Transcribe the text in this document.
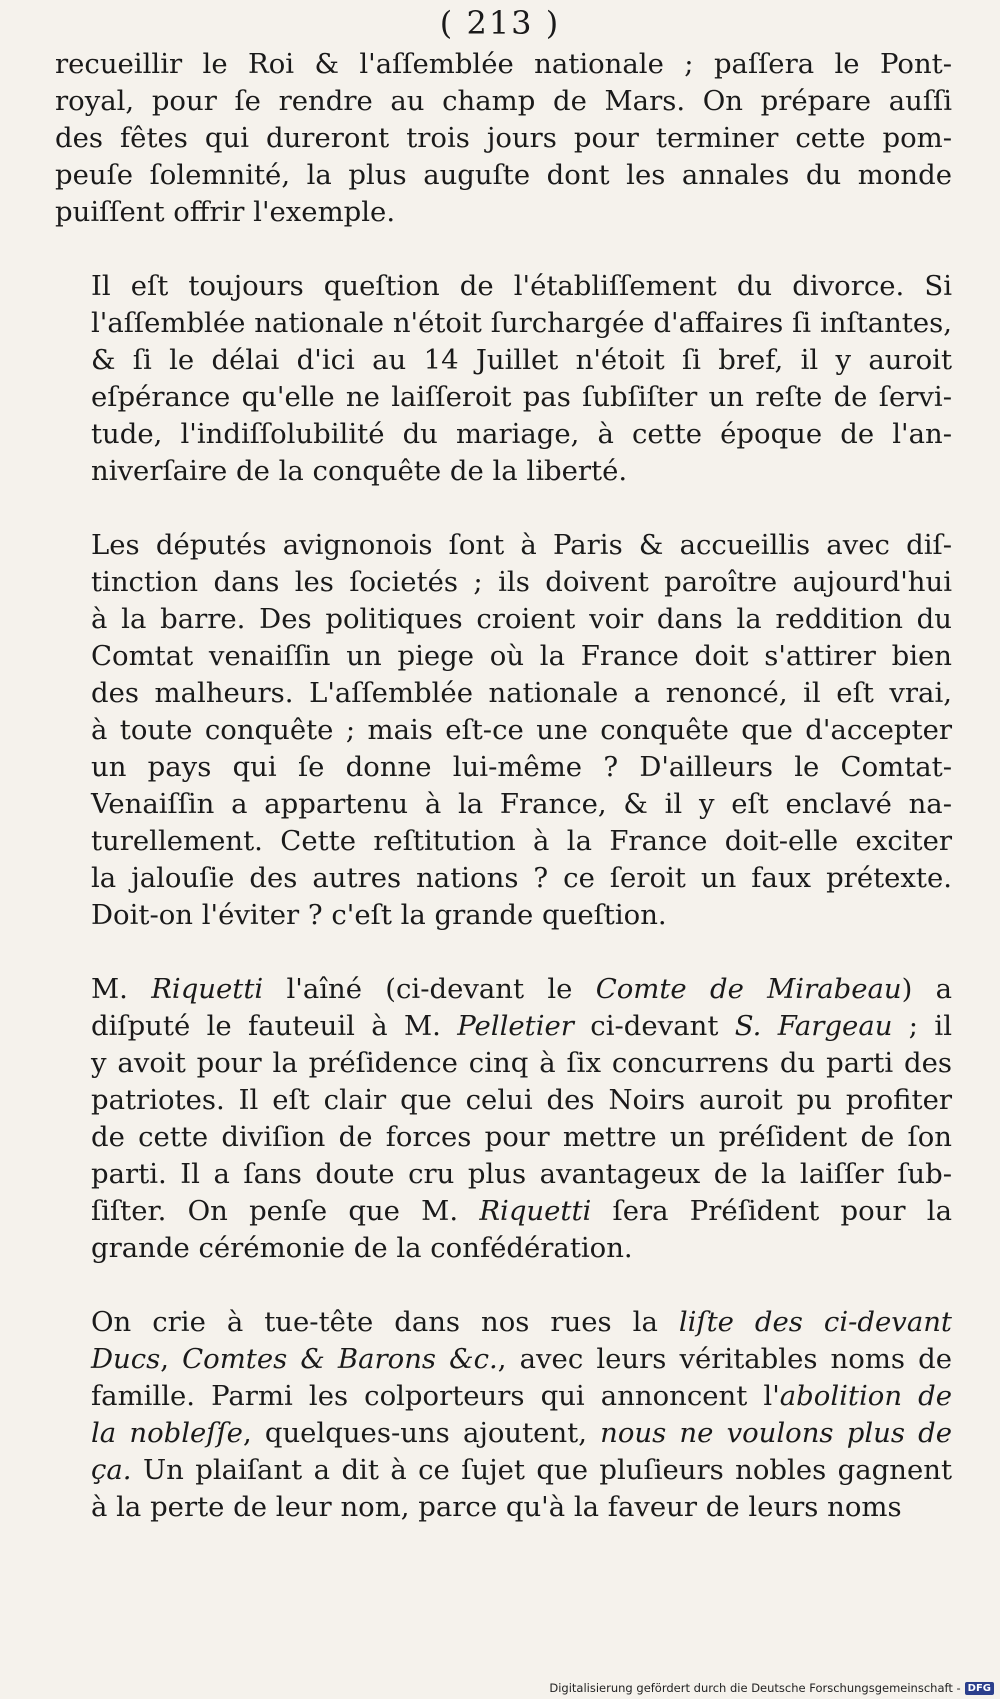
( 213 )
recueillir le Roi & l'aſſemblée nationale ; paſſera le Pont-
royal, pour ſe rendre au champ de Mars. On prépare auſſi
des fêtes qui dureront trois jours pour terminer cette pom-
peuſe ſolemnité, la plus auguſte dont les annales du monde
puiſſent offrir l'exemple.
Il eſt toujours queſtion de l'établiſſement du divorce. Si
l'aſſemblée nationale n'étoit ſurchargée d'affaires ſi inſtantes,
& ſi le délai d'ici au 14 Juillet n'étoit ſi bref, il y auroit
eſpérance qu'elle ne laiſſeroit pas ſubſiſter un reſte de ſervi-
tude, l'indiſſolubilité du mariage, à cette époque de l'an-
niverſaire de la conquête de la liberté.
Les députés avignonois ſont à Paris & accueillis avec diſ-
tinction dans les ſocietés ; ils doivent paroître aujourd'hui
à la barre. Des politiques croient voir dans la reddition du
Comtat venaiſſin un piege où la France doit s'attirer bien
des malheurs. L'aſſemblée nationale a renoncé, il eſt vrai,
à toute conquête ; mais eſt-ce une conquête que d'accepter
un pays qui ſe donne lui-même ? D'ailleurs le Comtat-
Venaiſſin a appartenu à la France, & il y eſt enclavé na-
turellement. Cette reſtitution à la France doit-elle exciter
la jalouſie des autres nations ? ce ſeroit un faux prétexte.
Doit-on l'éviter ? c'eſt la grande queſtion.
M. Riquetti l'aîné (ci-devant le Comte de Mirabeau) a
diſputé le fauteuil à M. Pelletier ci-devant S. Fargeau ; il
y avoit pour la préſidence cinq à ſix concurrens du parti des
patriotes. Il eſt clair que celui des Noirs auroit pu profiter
de cette diviſion de forces pour mettre un préſident de ſon
parti. Il a ſans doute cru plus avantageux de la laiſſer ſub-
ſiſter. On penſe que M. Riquetti ſera Préſident pour la
grande cérémonie de la confédération.
On crie à tue-tête dans nos rues la liſte des ci-devant
Ducs, Comtes & Barons &c., avec leurs véritables noms de
famille. Parmi les colporteurs qui annoncent l'abolition de
la nobleſſe, quelques-uns ajoutent, nous ne voulons plus de
ça. Un plaiſant a dit à ce ſujet que pluſieurs nobles gagnent
à la perte de leur nom, parce qu'à la faveur de leurs noms
Digitalisierung gefördert durch die Deutsche Forschungsgemeinschaft - DFG
